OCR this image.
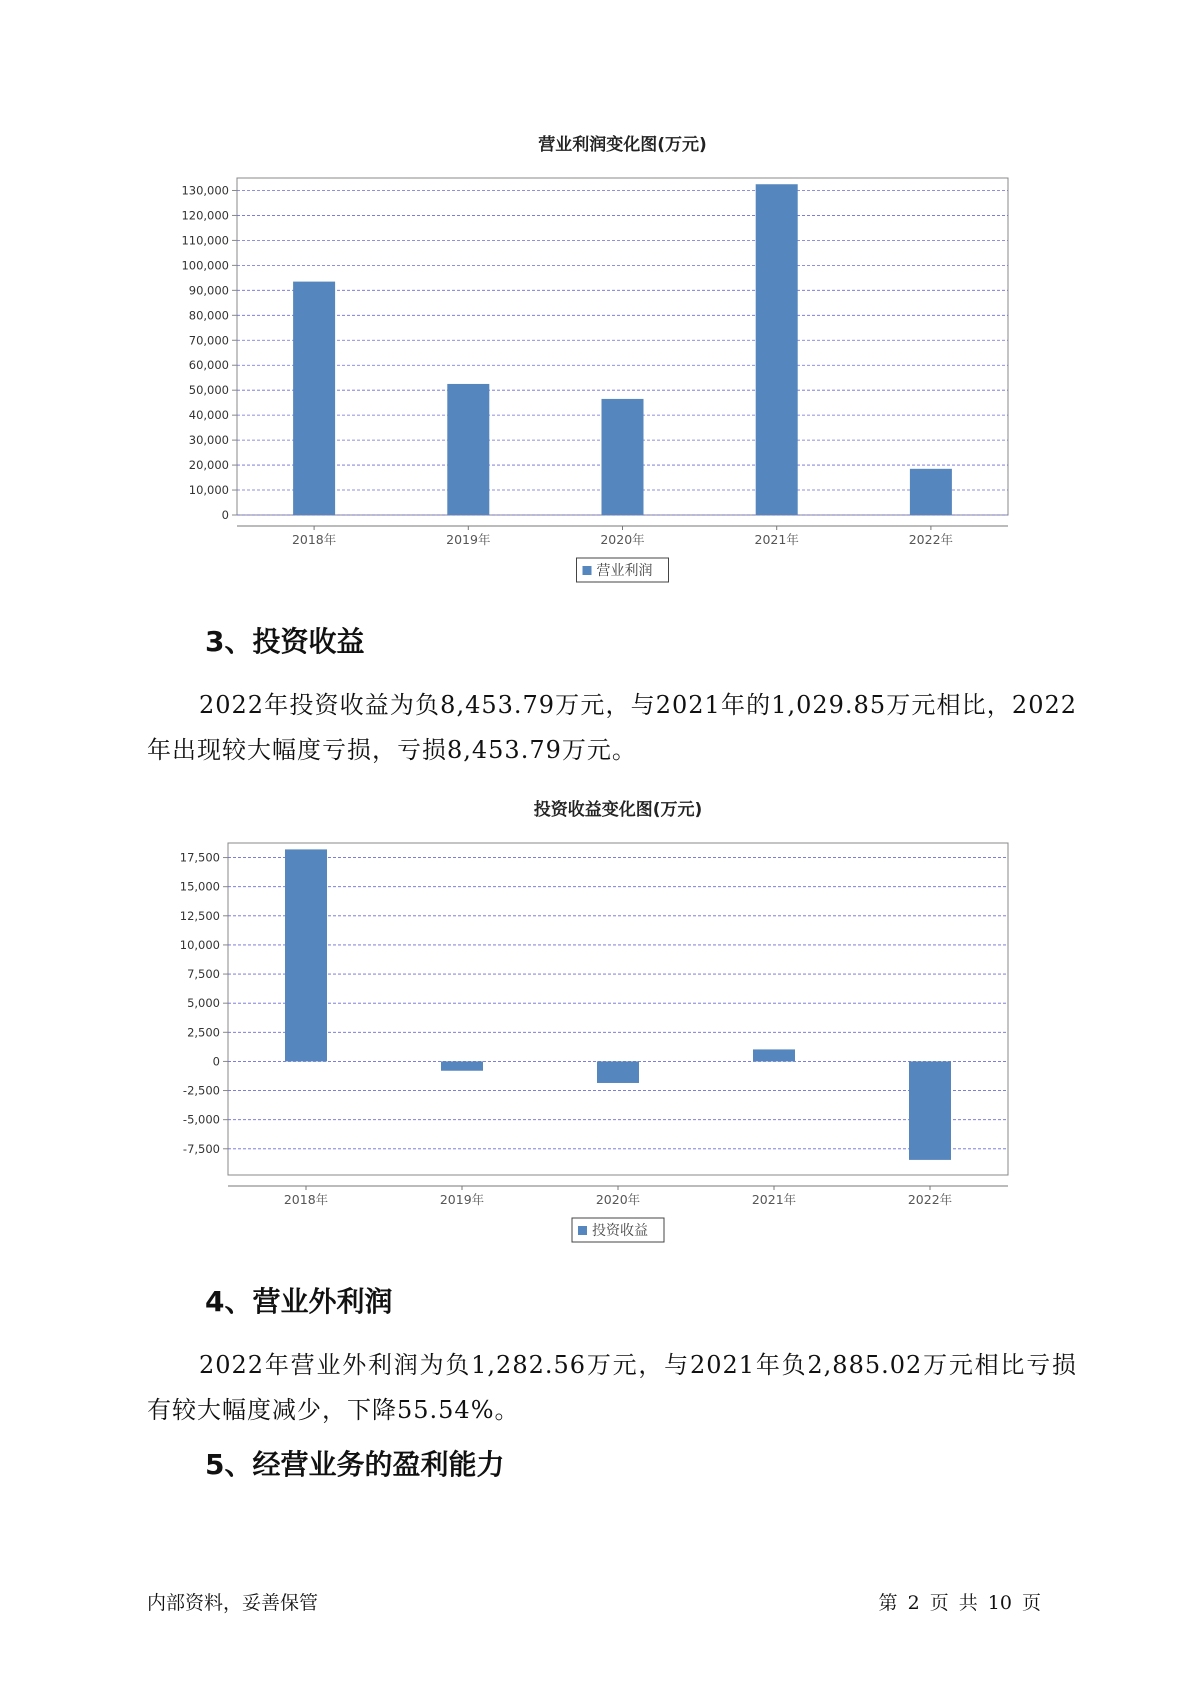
营业利润变化图(万元)
0
10,000
20,000
30,000
40,000
50,000
60,000
70,000
80,000
90,000
100,000
110,000
120,000
130,000
2018年	2019年	2020年	2021年	2022年
营业利润
3、投资收益

2022年投资收益为负8,453.79万元，与2021年的1,029.85万元相比，2022年出现较大幅度亏损，亏损8,453.79万元。

投资收益变化图(万元)
-7,500
-5,000
-2,500
0
2,500
5,000
7,500
10,000
12,500
15,000
17,500
2018年	2019年	2020年	2021年	2022年
投资收益
4、营业外利润

2022年营业外利润为负1,282.56万元，与2021年负2,885.02万元相比亏损有较大幅度减少，下降55.54%。

5、经营业务的盈利能力
内部资料，妥善保管	第 2 页 共 10 页
